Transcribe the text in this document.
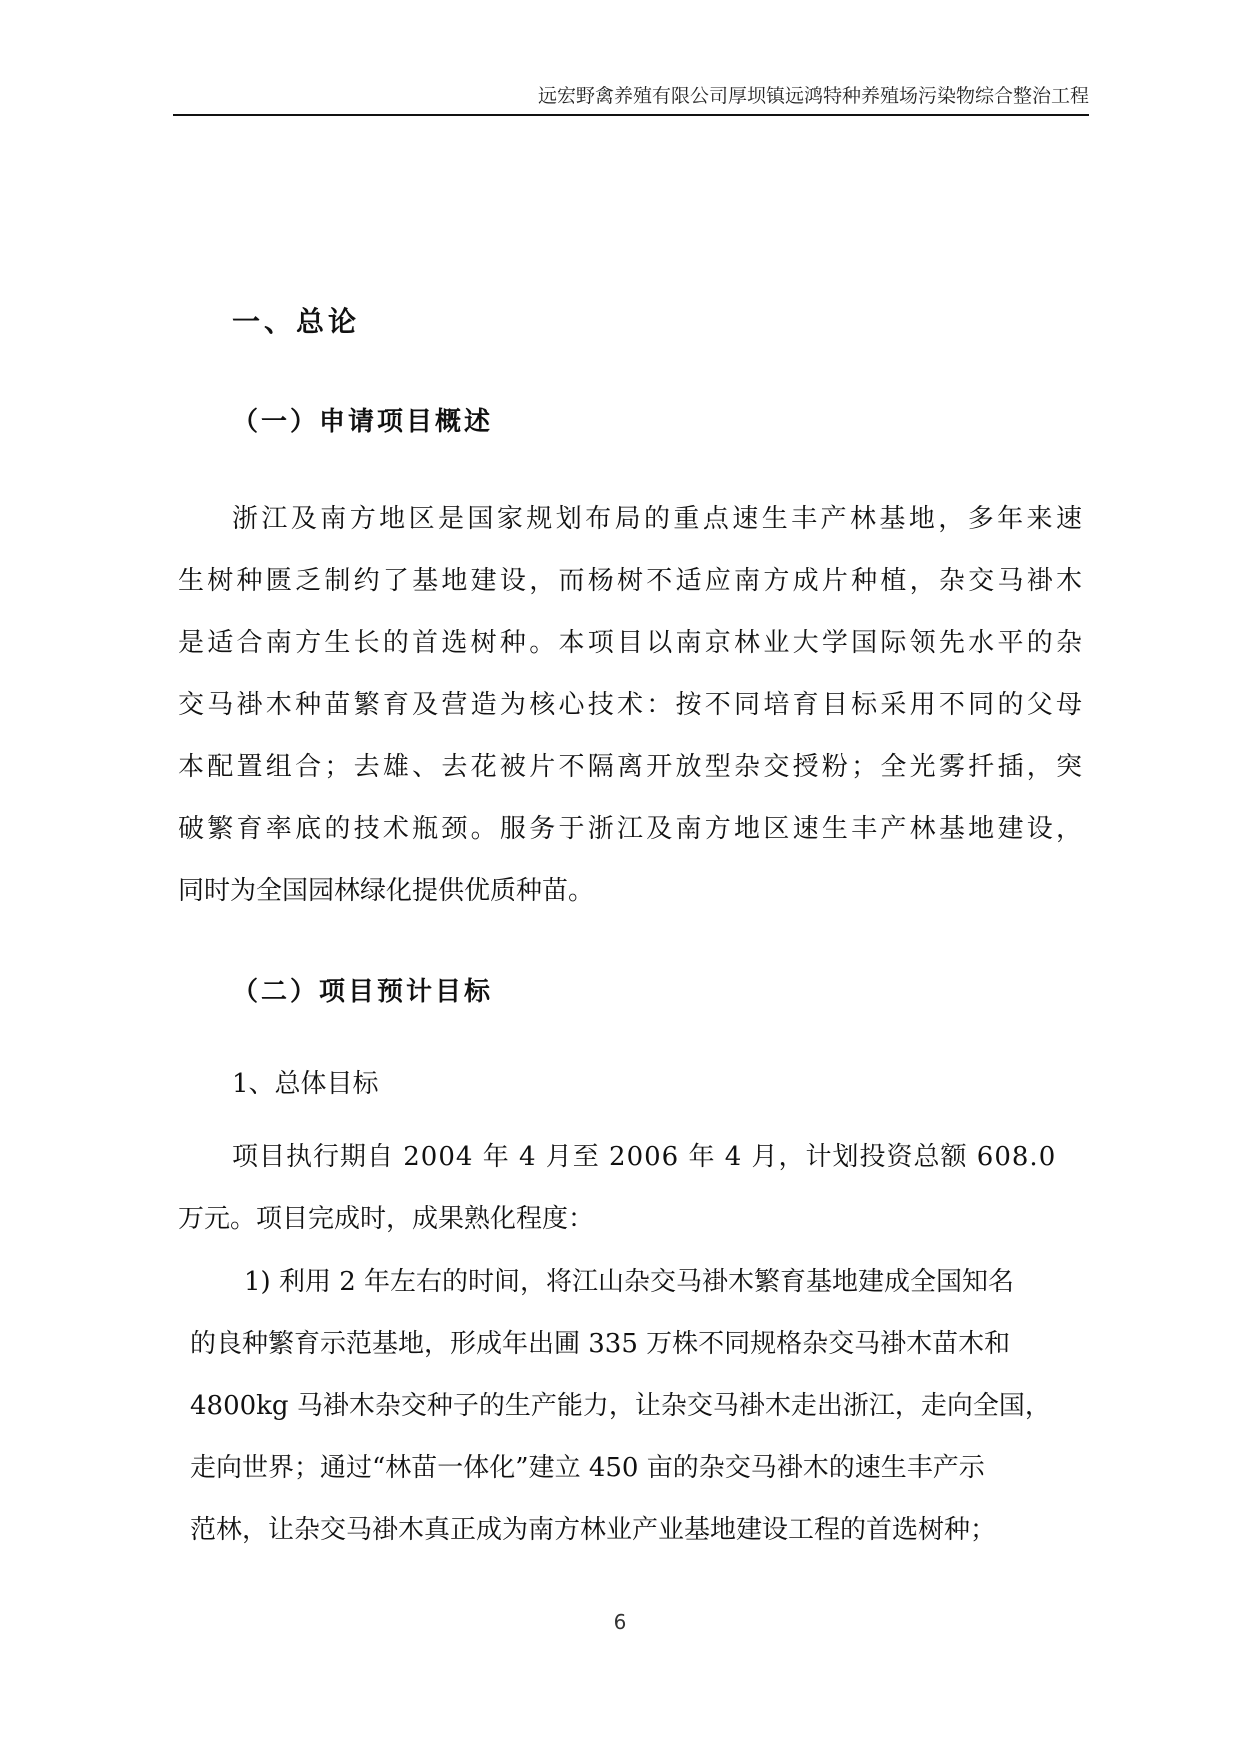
远宏野禽养殖有限公司厚坝镇远鸿特种养殖场污染物综合整治工程
一、总论
（一）申请项目概述
浙江及南方地区是国家规划布局的重点速生丰产林基地，多年来速
生树种匮乏制约了基地建设，而杨树不适应南方成片种植，杂交马褂木
是适合南方生长的首选树种。本项目以南京林业大学国际领先水平的杂
交马褂木种苗繁育及营造为核心技术：按不同培育目标采用不同的父母
本配置组合；去雄、去花被片不隔离开放型杂交授粉；全光雾扦插，突
破繁育率底的技术瓶颈。服务于浙江及南方地区速生丰产林基地建设，
同时为全国园林绿化提供优质种苗。
（二）项目预计目标
1、总体目标
项目执行期自 2004 年 4 月至 2006 年 4 月，计划投资总额 608.0
万元。项目完成时，成果熟化程度：
1) 利用 2 年左右的时间，将江山杂交马褂木繁育基地建成全国知名
的良种繁育示范基地，形成年出圃 335 万株不同规格杂交马褂木苗木和
4800kg 马褂木杂交种子的生产能力，让杂交马褂木走出浙江，走向全国，
走向世界；通过“林苗一体化”建立 450 亩的杂交马褂木的速生丰产示
范林，让杂交马褂木真正成为南方林业产业基地建设工程的首选树种；
6
